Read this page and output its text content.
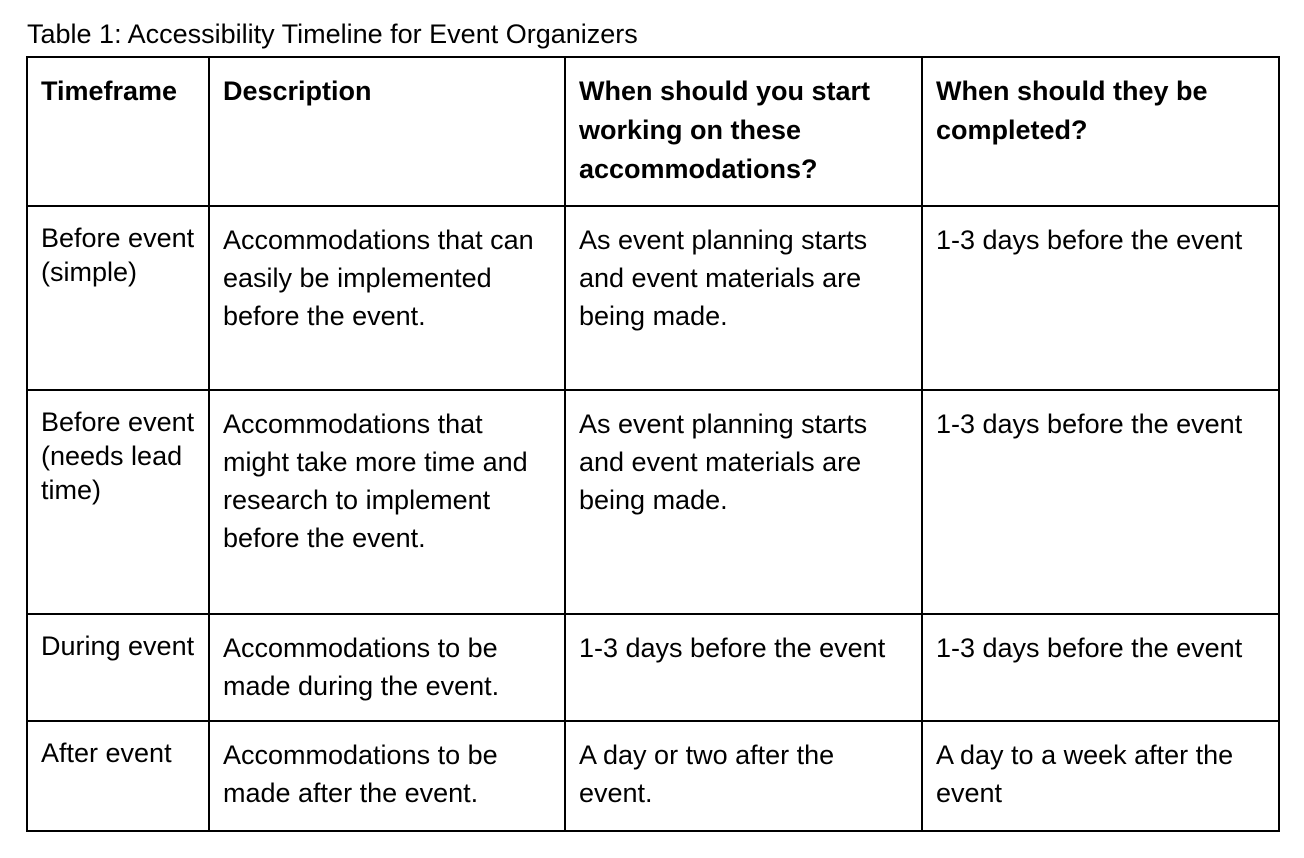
Table 1: Accessibility Timeline for Event Organizers
Timeframe	Description	When should you start working on these accommodations?	When should they be completed?
Before event (simple)	Accommodations that can easily be implemented before the event.	As event planning starts and event materials are being made.	1-3 days before the event
Before event (needs lead time)	Accommodations that might take more time and research to implement before the event.	As event planning starts and event materials are being made.	1-3 days before the event
During event	Accommodations to be made during the event.	1-3 days before the event	1-3 days before the event
After event	Accommodations to be made after the event.	A day or two after the event.	A day to a week after the event
